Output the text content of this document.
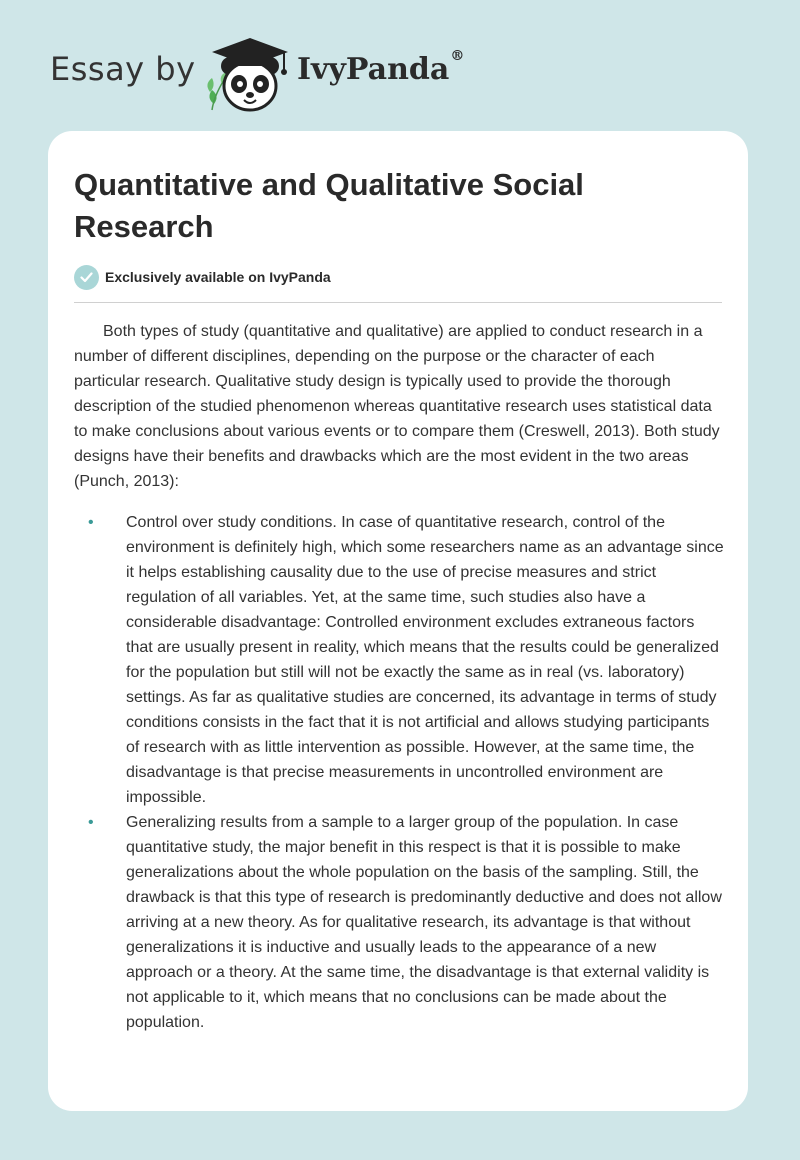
Essay by	IvyPanda®
Quantitative and Qualitative Social Research
Exclusively available on IvyPanda

Both types of study (quantitative and qualitative) are applied to conduct research in a number of different disciplines, depending on the purpose or the character of each particular research. Qualitative study design is typically used to provide the thorough description of the studied phenomenon whereas quantitative research uses statistical data to make conclusions about various events or to compare them (Creswell, 2013). Both study designs have their benefits and drawbacks which are the most evident in the two areas (Punch, 2013):

• Control over study conditions. In case of quantitative research, control of the environment is definitely high, which some researchers name as an advantage since it helps establishing causality due to the use of precise measures and strict regulation of all variables. Yet, at the same time, such studies also have a considerable disadvantage: Controlled environment excludes extraneous factors that are usually present in reality, which means that the results could be generalized for the population but still will not be exactly the same as in real (vs. laboratory) settings. As far as qualitative studies are concerned, its advantage in terms of study conditions consists in the fact that it is not artificial and allows studying participants of research with as little intervention as possible. However, at the same time, the disadvantage is that precise measurements in uncontrolled environment are impossible.
• Generalizing results from a sample to a larger group of the population. In case quantitative study, the major benefit in this respect is that it is possible to make generalizations about the whole population on the basis of the sampling. Still, the drawback is that this type of research is predominantly deductive and does not allow arriving at a new theory. As for qualitative research, its advantage is that without generalizations it is inductive and usually leads to the appearance of a new approach or a theory. At the same time, the disadvantage is that external validity is not applicable to it, which means that no conclusions can be made about the population.
